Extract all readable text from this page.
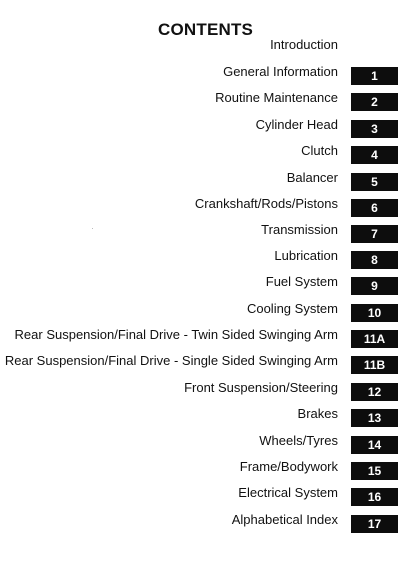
CONTENTS
Introduction
General Information	1
Routine Maintenance	2
Cylinder Head	3
Clutch	4
Balancer	5
Crankshaft/Rods/Pistons	6
Transmission	7
Lubrication	8
Fuel System	9
Cooling System	10
Rear Suspension/Final Drive - Twin Sided Swinging Arm	11A
Rear Suspension/Final Drive - Single Sided Swinging Arm	11B
Front Suspension/Steering	12
Brakes	13
Wheels/Tyres	14
Frame/Bodywork	15
Electrical System	16
Alphabetical Index	17
